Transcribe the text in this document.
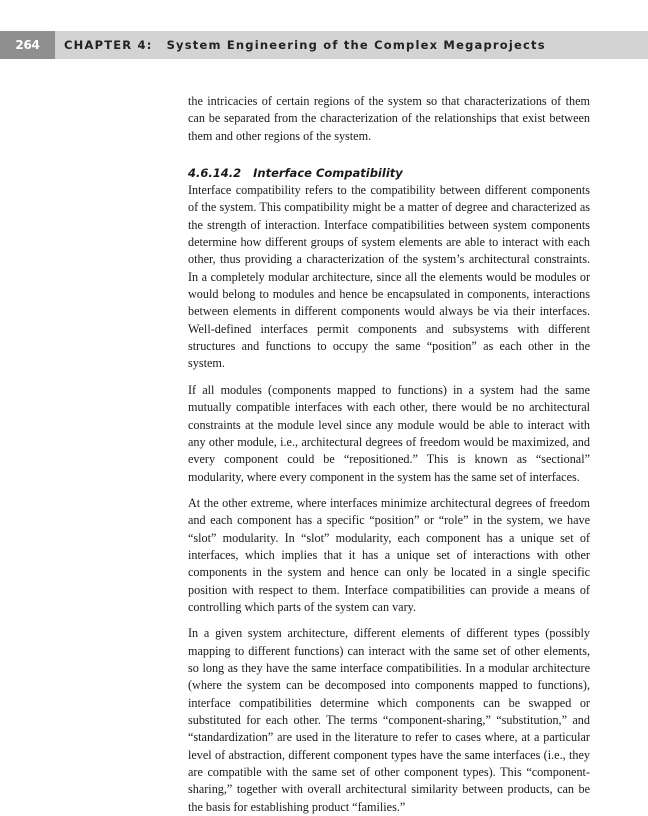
264 CHAPTER 4: System Engineering of the Complex Megaprojects

the intricacies of certain regions of the system so that characterizations of them can be separated from the characterization of the relationships that exist between them and other regions of the system.

4.6.14.2 Interface Compatibility

Interface compatibility refers to the compatibility between different components of the system. This compatibility might be a matter of degree and characterized as the strength of interaction. Interface compatibilities between system components determine how different groups of system elements are able to interact with each other, thus providing a characterization of the system’s architectural constraints. In a completely modular architecture, since all the elements would be modules or would belong to modules and hence be encapsulated in components, interactions between elements in different components would always be via their interfaces. Well-defined interfaces permit components and subsystems with different structures and functions to occupy the same “position” as each other in the system.

If all modules (components mapped to functions) in a system had the same mutually compatible interfaces with each other, there would be no architectural constraints at the module level since any module would be able to interact with any other module, i.e., architectural degrees of freedom would be maximized, and every component could be “repositioned.” This is known as “sectional” modularity, where every component in the system has the same set of interfaces.

At the other extreme, where interfaces minimize architectural degrees of freedom and each component has a specific “position” or “role” in the system, we have “slot” modularity. In “slot” modularity, each component has a unique set of interfaces, which implies that it has a unique set of interactions with other components in the system and hence can only be located in a single specific position with respect to them. Interface compatibilities can provide a means of controlling which parts of the system can vary.

In a given system architecture, different elements of different types (possibly mapping to different functions) can interact with the same set of other elements, so long as they have the same interface compatibilities. In a modular architecture (where the system can be decomposed into components mapped to functions), interface compatibilities determine which components can be swapped or substituted for each other. The terms “component-sharing,” “substitution,” and “standardization” are used in the literature to refer to cases where, at a particular level of abstraction, different component types have the same interfaces (i.e., they are compatible with the same set of other component types). This “component-sharing,” together with overall architectural similarity between products, can be the basis for establishing product “families.”
